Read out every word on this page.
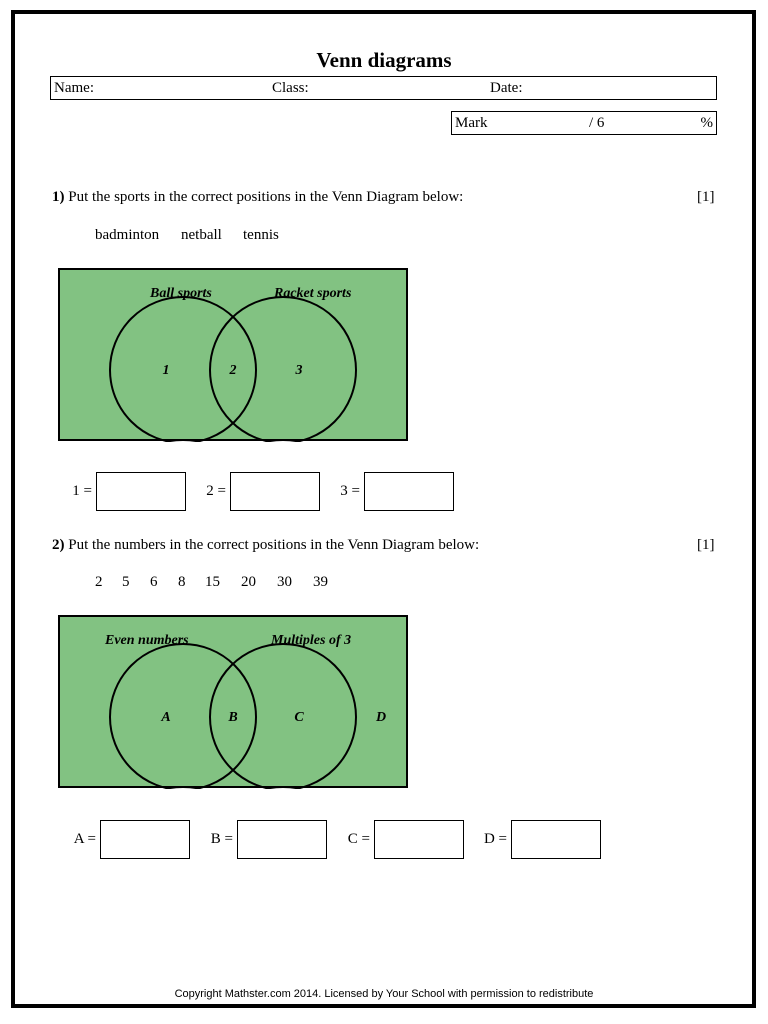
Venn diagrams
Name:	Class:	Date:
Mark	/ 6	%
1) Put the sports in the correct positions in the Venn Diagram below:	[1]
badminton netball tennis
Ball sports	Racket sports
1	2	3
1 =	2 =	3 =
2) Put the numbers in the correct positions in the Venn Diagram below:	[1]
2 5 6 8 15 20 30 39
Even numbers	Multiples of 3
A	B	C	D
A =	B =	C =	D =
Copyright Mathster.com 2014. Licensed by Your School with permission to redistribute
